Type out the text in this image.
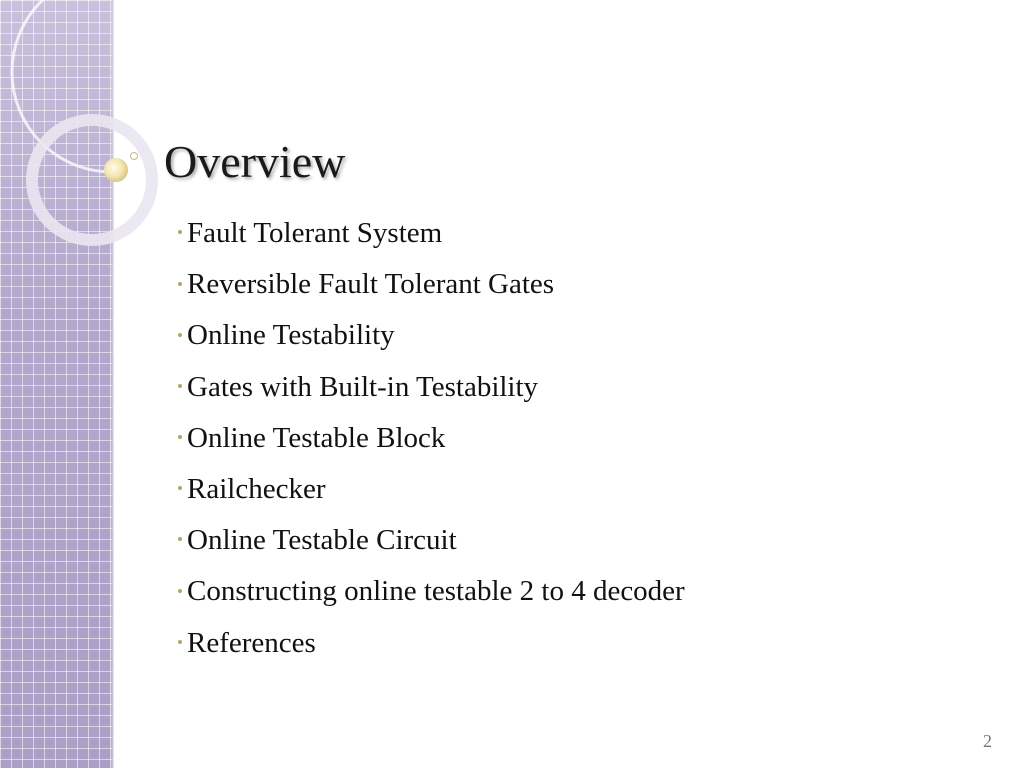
Overview
Fault Tolerant System
Reversible Fault Tolerant Gates
Online Testability
Gates with Built-in Testability
Online Testable Block
Railchecker
Online Testable Circuit
Constructing online testable 2 to 4 decoder
References
2
